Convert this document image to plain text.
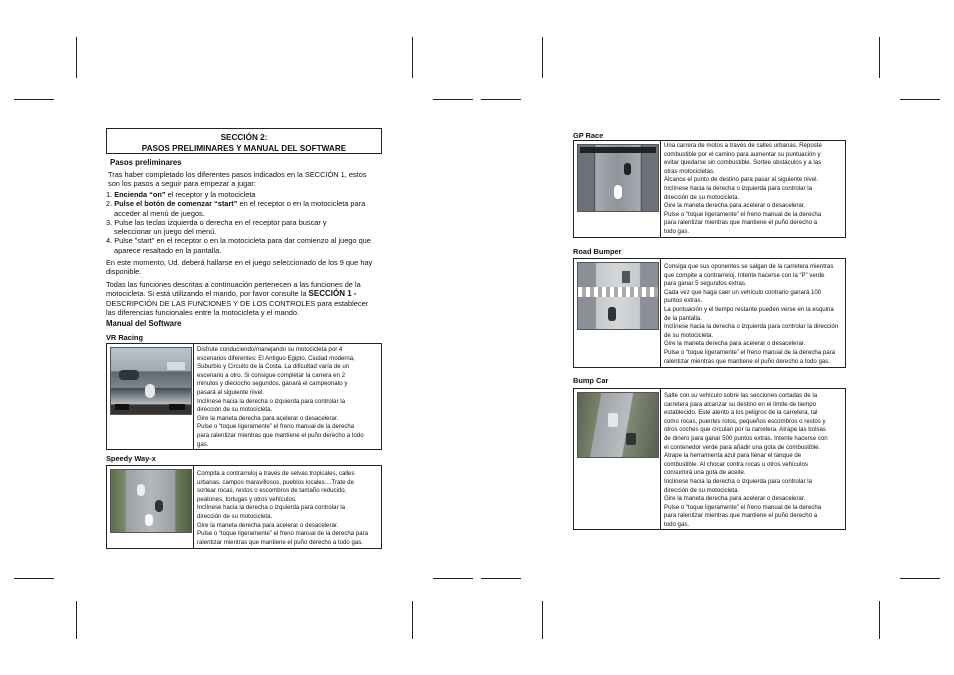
SECCIÓN 2:
PASOS PRELIMINARES Y MANUAL DEL SOFTWARE
Pasos preliminares
Tras haber completado los diferentes pasos indicados en la SECCIÓN 1, estos
son los pasos a seguir para empezar a jugar:
1. Encienda “on” el receptor y la motocicleta
2. Pulse el botón de comenzar “start” en el receptor o en la motocicleta para
acceder al menú de juegos.
3. Pulse las teclas izquierda o derecha en el receptor para buscar y
seleccionar un juego del menú.
4. Pulse "start" en el receptor o en la motocicleta para dar comienzo al juego que
aparece resaltado en la pantalla.
En este momento, Ud. deberá hallarse en el juego seleccionado de los 9 que hay
disponible.
Todas las funciones descritas a continuación pertenecen a las funciones de la
motocicleta. Si está utilizando el mando, por favor consulte la SECCIÓN 1 -
DESCRIPCIÓN DE LAS FUNCIONES Y DE LOS CONTROLES para establecer
las diferencias funcionales entre la motocicleta y el mando.
Manual del Software
VR Racing
Disfrute conduciendo/manejando su motocicleta por 4
escenarios diferentes: El Antiguo Egipto, Ciudad moderna,
Suburbio y Circuito de la Costa. La dificultad varía de un
escenario a otro. Si consigue completar la carrera en 2
minutos y dieciocho segundos, ganará el campeonato y
pasará al siguiente nivel.
Inclínese hacia la derecha o izquierda para controlar la
dirección de su motocicleta.
Gire la maneta derecha para acelerar o desacelerar.
Pulse o “toque ligeramente” el freno manual de la derecha
para ralentizar mientras que mantiene el puño derecho a todo
gas.
Speedy Way-x
Compita a contrarreloj a través de selvas tropicales, calles
urbanas, campos maravillosos, pueblos locales....Trate de
sortear rocas, restos o escombros de tamaño reducido,
peatones, tortugas y otros vehículos.
Inclínese hacia la derecha o izquierda para controlar la
dirección de su motocicleta.
Gire la maneta derecha para acelerar o desacelerar.
Pulse o “toque ligeramente” el freno manual de la derecha para
ralentizar mientras que mantiene el puño derecho a todo gas.
GP Race
Una carrera de motos a través de calles urbanas. Reposte
combustible por el camino para aumentar su puntuación y
evitar quedarse sin combustible. Sortee obstáculos y a las
otras motocicletas.
Alcance el punto de destino para pasar al siguiente nivel.
Inclínese hacia la derecha o izquierda para controlar la
dirección de su motocicleta.
Gire la maneta derecha para acelerar o desacelerar.
Pulse o “toque ligeramente” el freno manual de la derecha
para ralentizar mientras que mantiene el puño derecho a
todo gas.
Road Bumper
Consiga que sus oponentes se salgan de la carretera mientras
que compite a contrarreloj. Intente hacerse con la “P” verde
para ganar 5 segundos extras.
Cada vez que haga caer un vehículo contrario ganará 100
puntos extras.
La puntuación y el tiempo restante pueden verse en la esquina
de la pantalla.
Inclínese hacia la derecha o izquierda para controlar la dirección
de su motocicleta.
Gire la maneta derecha para acelerar o desacelerar.
Pulse o “toque ligeramente” el freno manual de la derecha para
ralentizar mientras que mantiene el puño derecho a todo gas.
Bump Car
Salte con su vehículo sobre las secciones cortadas de la
carretera para alcanzar su destino en el límite de tiempo
establecido. Esté atento a los peligros de la carretera, tal
como rocas, puentes rotos, pequeños escombros o restos y
otros coches que circulan por la carretera. Atrape las bolsas
de dinero para ganar 500 puntos extras. Intente hacerse con
el contenedor verde para añadir una gota de combustible.
Atrape la herramienta azul para llenar el tanque de
combustible. Al chocar contra rocas u otros vehículos
consumirá una gota de aceite.
Inclínese hacia la derecha o izquierda para controlar la
dirección de su motocicleta.
Gire la maneta derecha para acelerar o desacelerar.
Pulse o “toque ligeramente” el freno manual de la derecha
para ralentizar mientras que mantiene el puño derecho a
todo gas.
